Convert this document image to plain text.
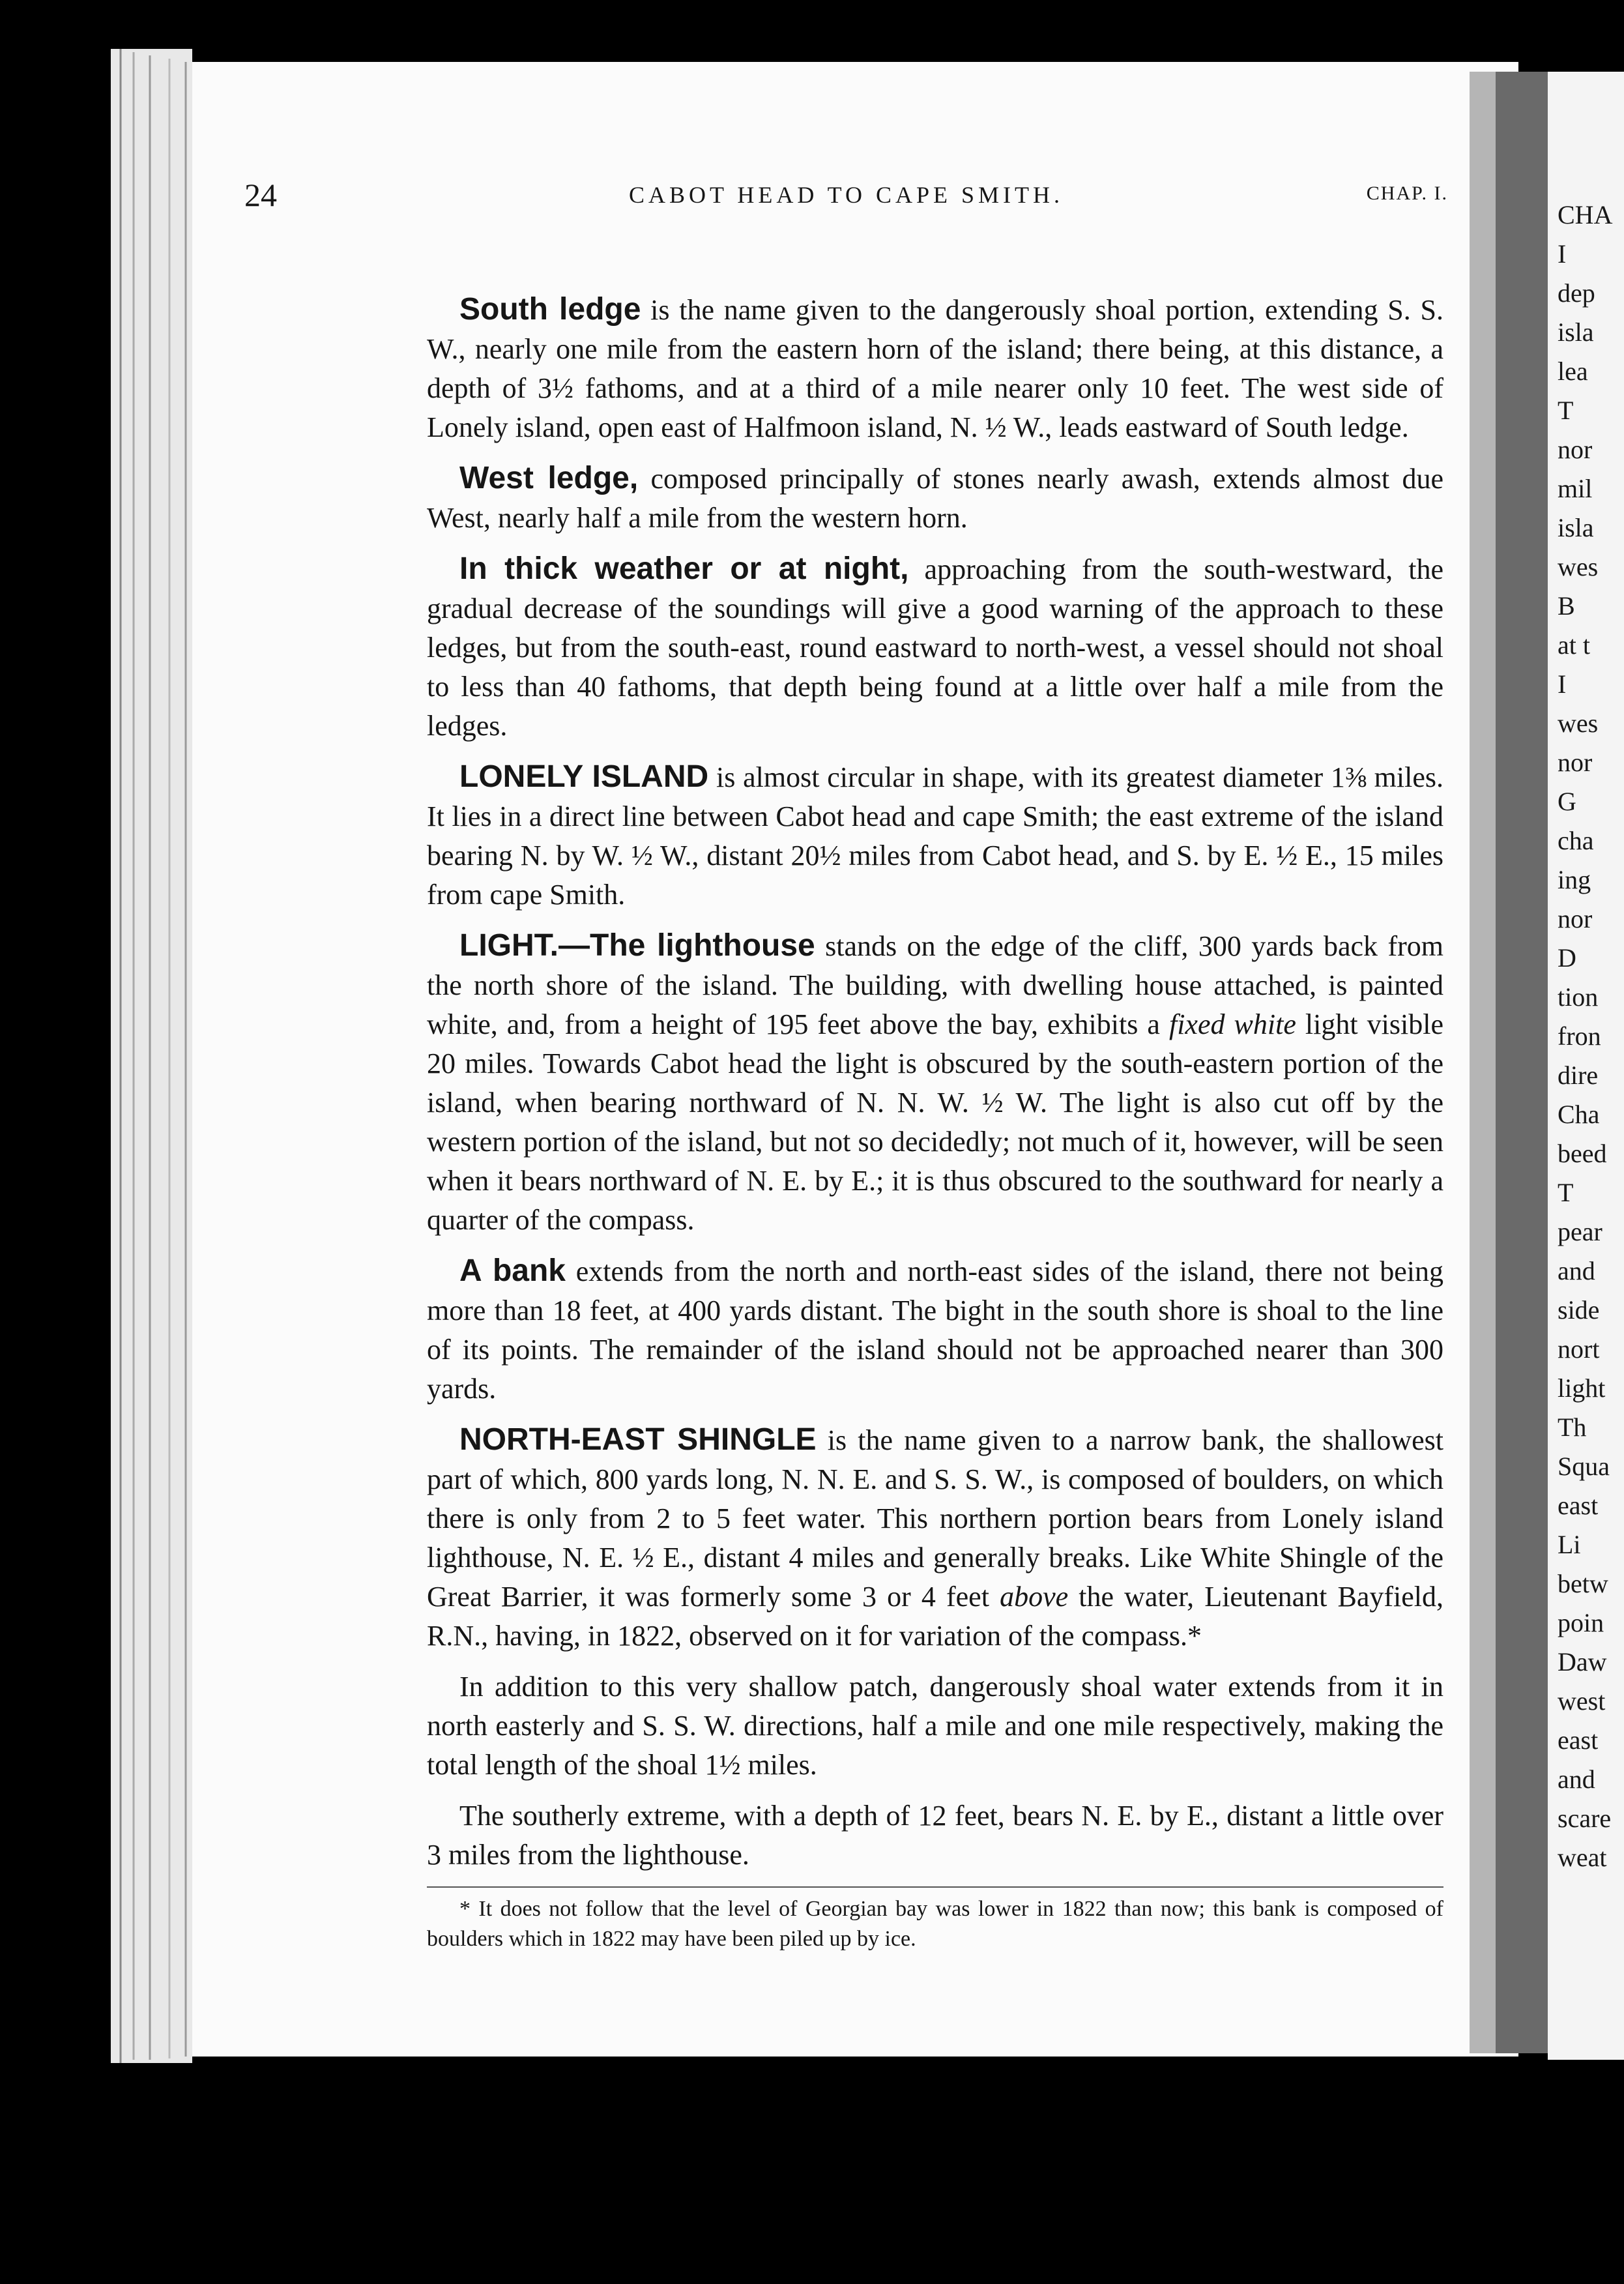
24	CABOT HEAD TO CAPE SMITH.	CHAP. I.

South ledge is the name given to the dangerously shoal portion, extending S. S. W., nearly one mile from the eastern horn of the island; there being, at this distance, a depth of 3½ fathoms, and at a third of a mile nearer only 10 feet. The west side of Lonely island, open east of Halfmoon island, N. ½ W., leads eastward of South ledge.

West ledge, composed principally of stones nearly awash, extends almost due West, nearly half a mile from the western horn.

In thick weather or at night, approaching from the south-westward, the gradual decrease of the soundings will give a good warning of the approach to these ledges, but from the south-east, round eastward to north-west, a vessel should not shoal to less than 40 fathoms, that depth being found at a little over half a mile from the ledges.

LONELY ISLAND is almost circular in shape, with its greatest diameter 1⅜ miles. It lies in a direct line between Cabot head and cape Smith; the east extreme of the island bearing N. by W. ½ W., distant 20½ miles from Cabot head, and S. by E. ½ E., 15 miles from cape Smith.

LIGHT.—The lighthouse stands on the edge of the cliff, 300 yards back from the north shore of the island. The building, with dwelling house attached, is painted white, and, from a height of 195 feet above the bay, exhibits a fixed white light visible 20 miles. Towards Cabot head the light is obscured by the south-eastern portion of the island, when bearing northward of N. N. W. ½ W. The light is also cut off by the western portion of the island, but not so decidedly; not much of it, however, will be seen when it bears northward of N. E. by E.; it is thus obscured to the southward for nearly a quarter of the compass.

A bank extends from the north and north-east sides of the island, there not being more than 18 feet, at 400 yards distant. The bight in the south shore is shoal to the line of its points. The remainder of the island should not be approached nearer than 300 yards.

NORTH-EAST SHINGLE is the name given to a narrow bank, the shallowest part of which, 800 yards long, N. N. E. and S. S. W., is composed of boulders, on which there is only from 2 to 5 feet water. This northern portion bears from Lonely island lighthouse, N. E. ½ E., distant 4 miles and generally breaks. Like White Shingle of the Great Barrier, it was formerly some 3 or 4 feet above the water, Lieutenant Bayfield, R.N., having, in 1822, observed on it for variation of the compass.*

In addition to this very shallow patch, dangerously shoal water extends from it in north easterly and S. S. W. directions, half a mile and one mile respectively, making the total length of the shoal 1½ miles.

The southerly extreme, with a depth of 12 feet, bears N. E. by E., distant a little over 3 miles from the lighthouse.

* It does not follow that the level of Georgian bay was lower in 1822 than now; this bank is composed of boulders which in 1822 may have been piled up by ice.

CHA
I
dep
isla
lea
T
nor
mil
isla
wes
B
at t
I
wes
nor
G
cha
ing
nor
D
tion
fron
dire
Cha
beed
T
pear
and
side
nort
light
Th
Squa
east
Li
betw
poin
Daw
west
east
and
scare
weat
